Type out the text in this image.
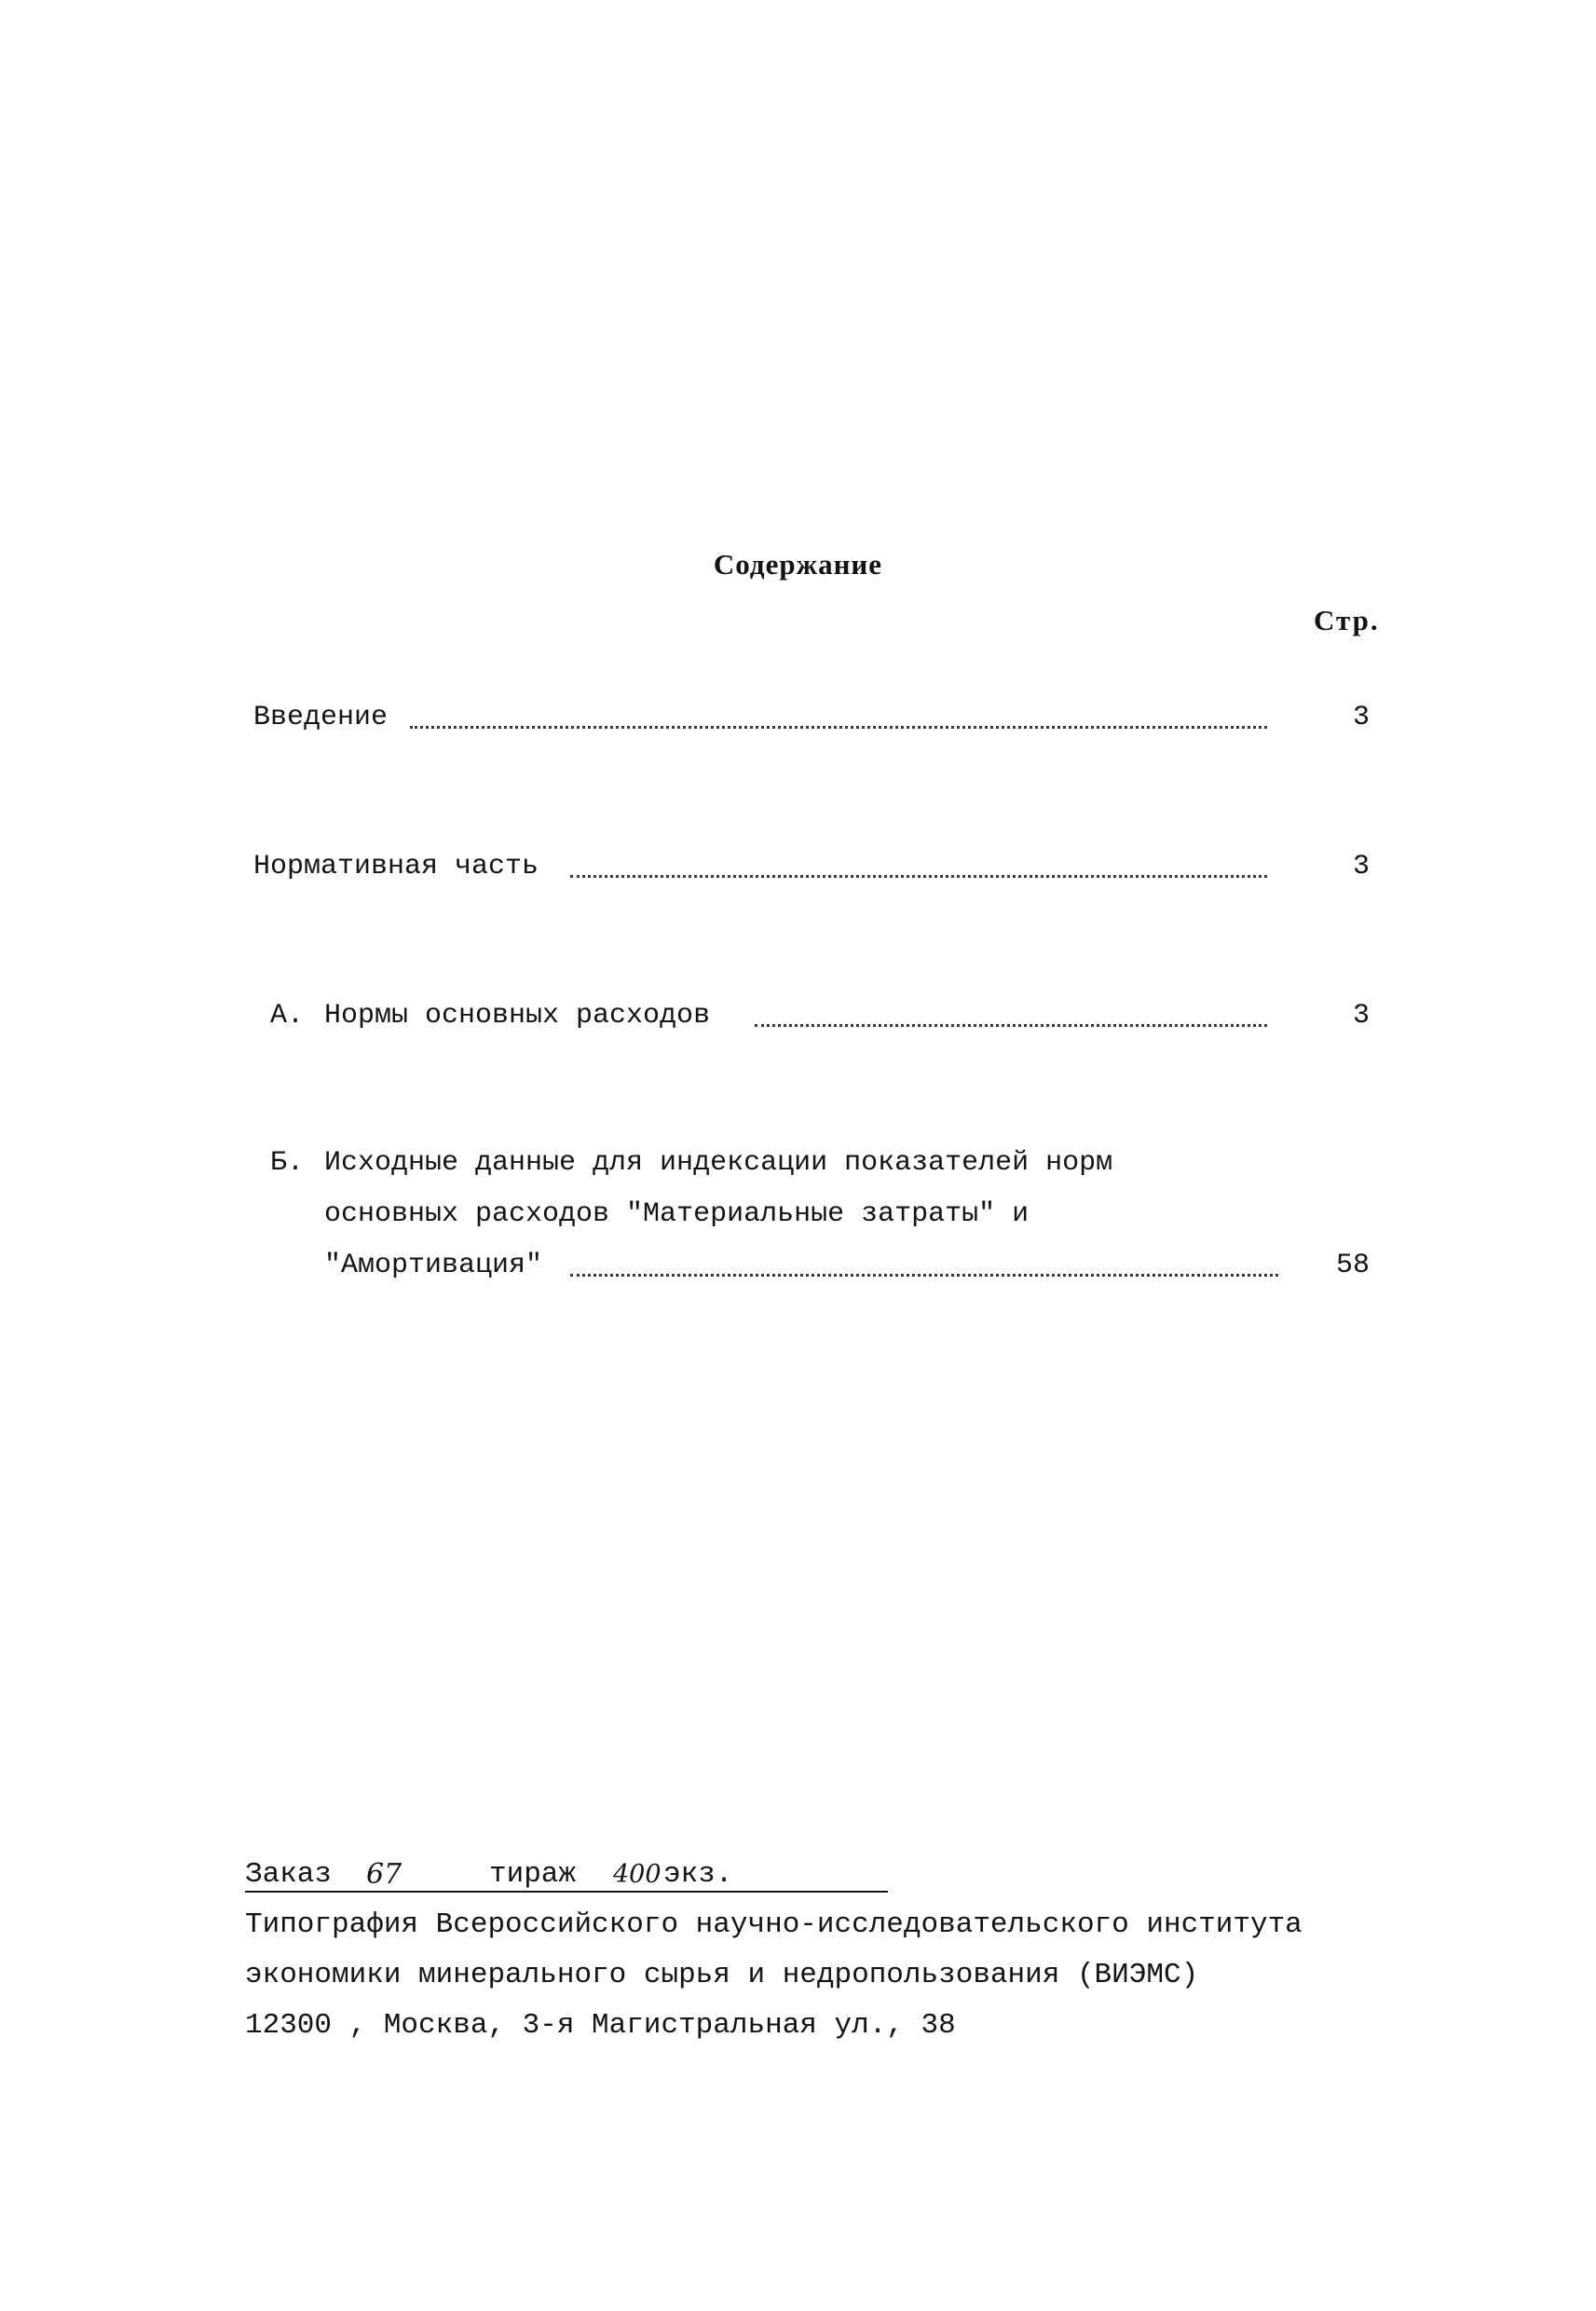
Содержание
Стр.
Введение	3
Нормативная часть	3
А. Нормы основных расходов	3
Б. Исходные данные для индексации показателей норм
основных расходов "Материальные затраты" и
"Амортивация"	58
Заказ 67	тираж 400 экз.
Типография Всероссийского научно-исследовательского института
экономики минерального сырья и недропользования (ВИЭМС)
12300 , Москва, 3-я Магистральная ул., 38
